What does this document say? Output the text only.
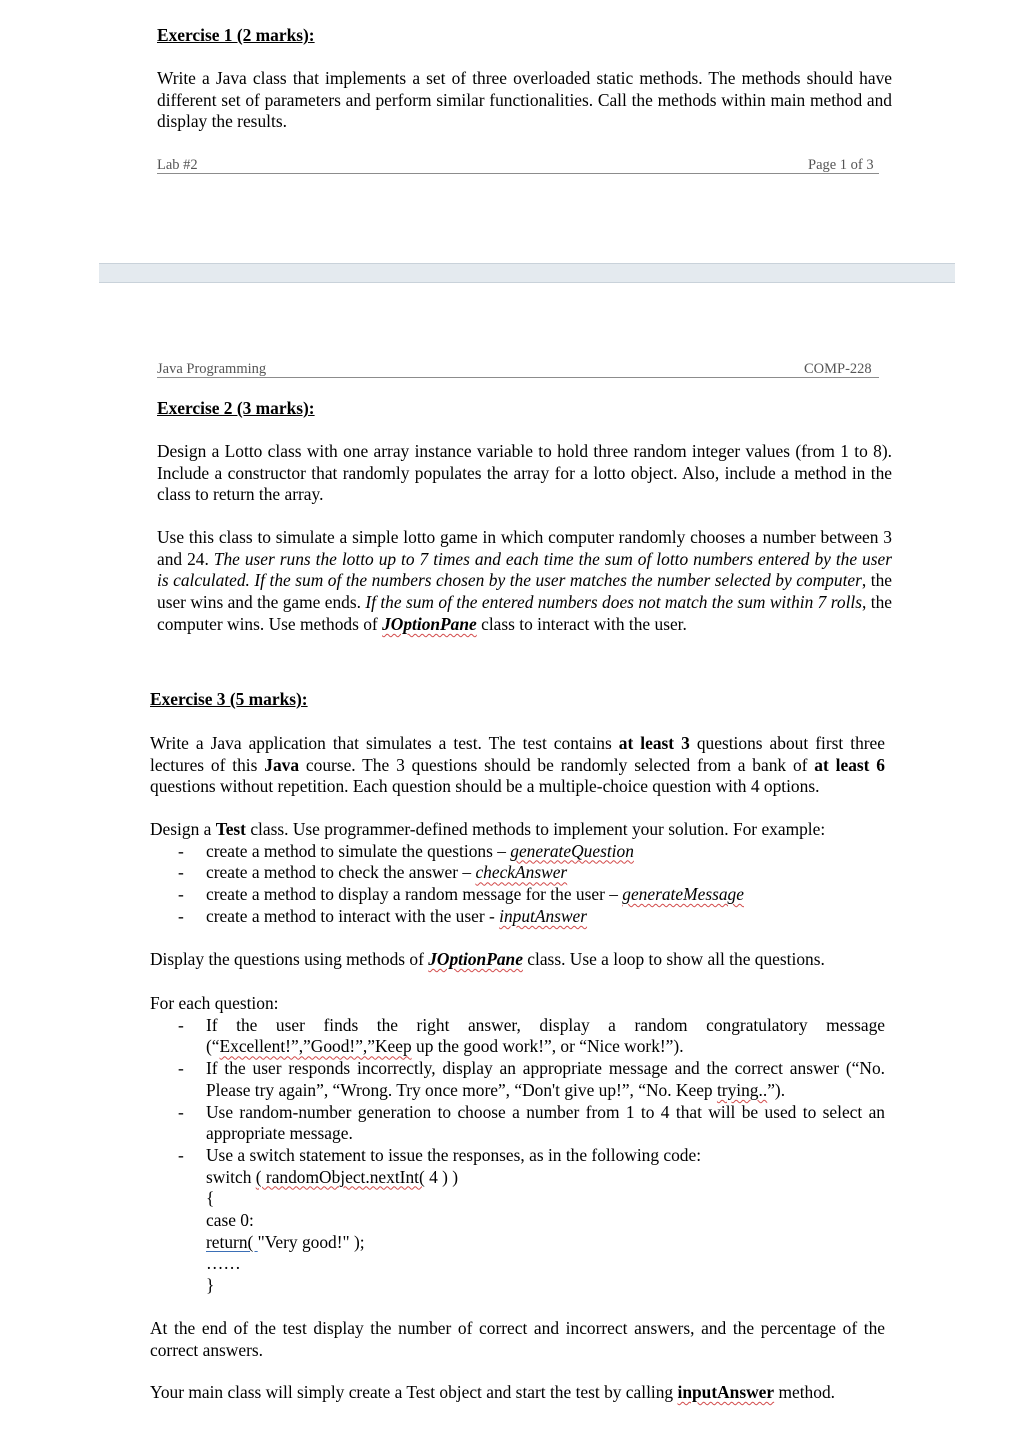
Exercise 1 (2 marks):
Write a Java class that implements a set of three overloaded static methods. The methods should have different set of parameters and perform similar functionalities. Call the methods within main method and display the results.
Lab #2	Page 1 of 3
Java Programming	COMP-228
Exercise 2 (3 marks):
Design a Lotto class with one array instance variable to hold three random integer values (from 1 to 8). Include a constructor that randomly populates the array for a lotto object. Also, include a method in the class to return the array.
Use this class to simulate a simple lotto game in which computer randomly chooses a number between 3 and 24. The user runs the lotto up to 7 times and each time the sum of lotto numbers entered by the user is calculated. If the sum of the numbers chosen by the user matches the number selected by computer, the user wins and the game ends. If the sum of the entered numbers does not match the sum within 7 rolls, the computer wins. Use methods of JOptionPane class to interact with the user.
Exercise 3 (5 marks):
Write a Java application that simulates a test. The test contains at least 3 questions about first three lectures of this Java course. The 3 questions should be randomly selected from a bank of at least 6 questions without repetition. Each question should be a multiple-choice question with 4 options.
Design a Test class. Use programmer-defined methods to implement your solution. For example:
- create a method to simulate the questions – generateQuestion
- create a method to check the answer – checkAnswer
- create a method to display a random message for the user – generateMessage
- create a method to interact with the user - inputAnswer
Display the questions using methods of JOptionPane class. Use a loop to show all the questions.
For each question:
- If the user finds the right answer, display a random congratulatory message (“Excellent!”,”Good!”,”Keep up the good work!”, or “Nice work!”).
- If the user responds incorrectly, display an appropriate message and the correct answer (“No. Please try again”, “Wrong. Try once more”, “Don't give up!”, “No. Keep trying..”).
- Use random-number generation to choose a number from 1 to 4 that will be used to select an appropriate message.
- Use a switch statement to issue the responses, as in the following code:
switch ( randomObject.nextInt( 4 ) )
{
case 0:
return( "Very good!" );
……
}
At the end of the test display the number of correct and incorrect answers, and the percentage of the correct answers.
Your main class will simply create a Test object and start the test by calling inputAnswer method.
